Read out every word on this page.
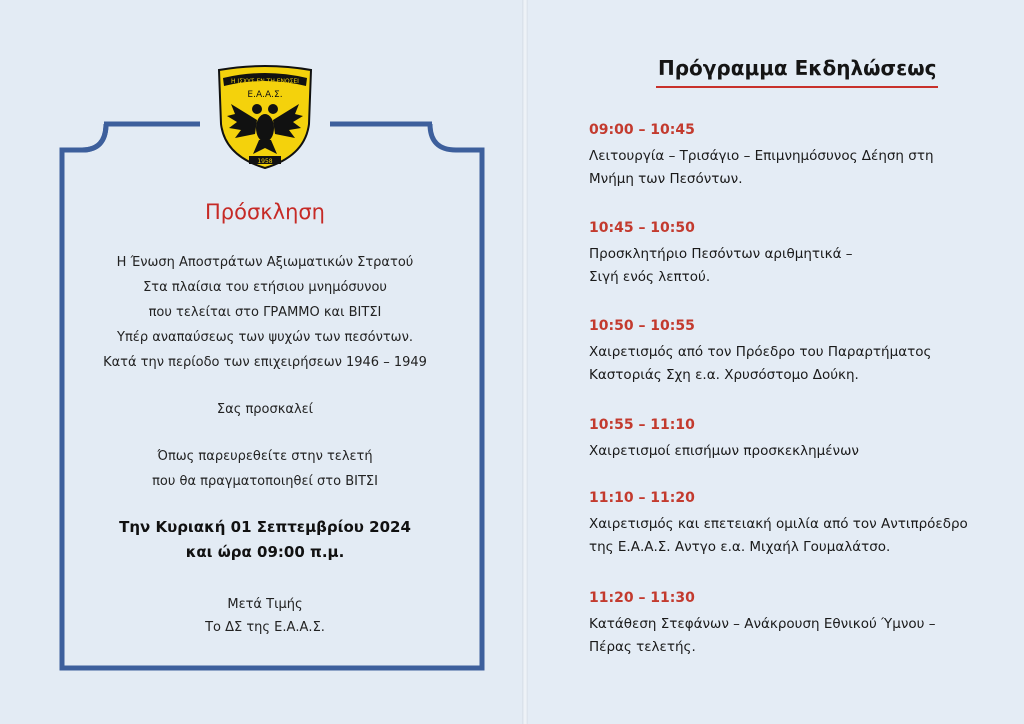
Η ΙΣΧΥΣ ΕΝ ΤΗ ΕΝΩΣΕΙ
Ε.Α.Α.Σ.
1958
Πρόσκληση
Η Ένωση Αποστράτων Αξιωματικών Στρατού
Στα πλαίσια του ετήσιου μνημόσυνου
που τελείται στο ΓΡΑΜΜΟ και ΒΙΤΣΙ
Υπέρ αναπαύσεως των ψυχών των πεσόντων.
Κατά την περίοδο των επιχειρήσεων 1946 – 1949
Σας προσκαλεί
Όπως παρευρεθείτε στην τελετή
που θα πραγματοποιηθεί στο ΒΙΤΣΙ
Την Κυριακή 01 Σεπτεμβρίου 2024
και ώρα 09:00 π.μ.
Μετά Τιμής
Το ΔΣ της Ε.Α.Α.Σ.
Πρόγραμμα Εκδηλώσεως
09:00 – 10:45
Λειτουργία – Τρισάγιο – Επιμνημόσυνος Δέηση στη
Μνήμη των Πεσόντων.
10:45 – 10:50
Προσκλητήριο Πεσόντων αριθμητικά –
Σιγή ενός λεπτού.
10:50 – 10:55
Χαιρετισμός από τον Πρόεδρο του Παραρτήματος
Καστοριάς Σχη ε.α. Χρυσόστομο Δούκη.
10:55 – 11:10
Χαιρετισμοί επισήμων προσκεκλημένων
11:10 – 11:20
Χαιρετισμός και επετειακή ομιλία από τον Αντιπρόεδρο
της Ε.Α.Α.Σ. Αντγο ε.α. Μιχαήλ Γουμαλάτσο.
11:20 – 11:30
Κατάθεση Στεφάνων – Ανάκρουση Εθνικού Ύμνου –
Πέρας τελετής.
